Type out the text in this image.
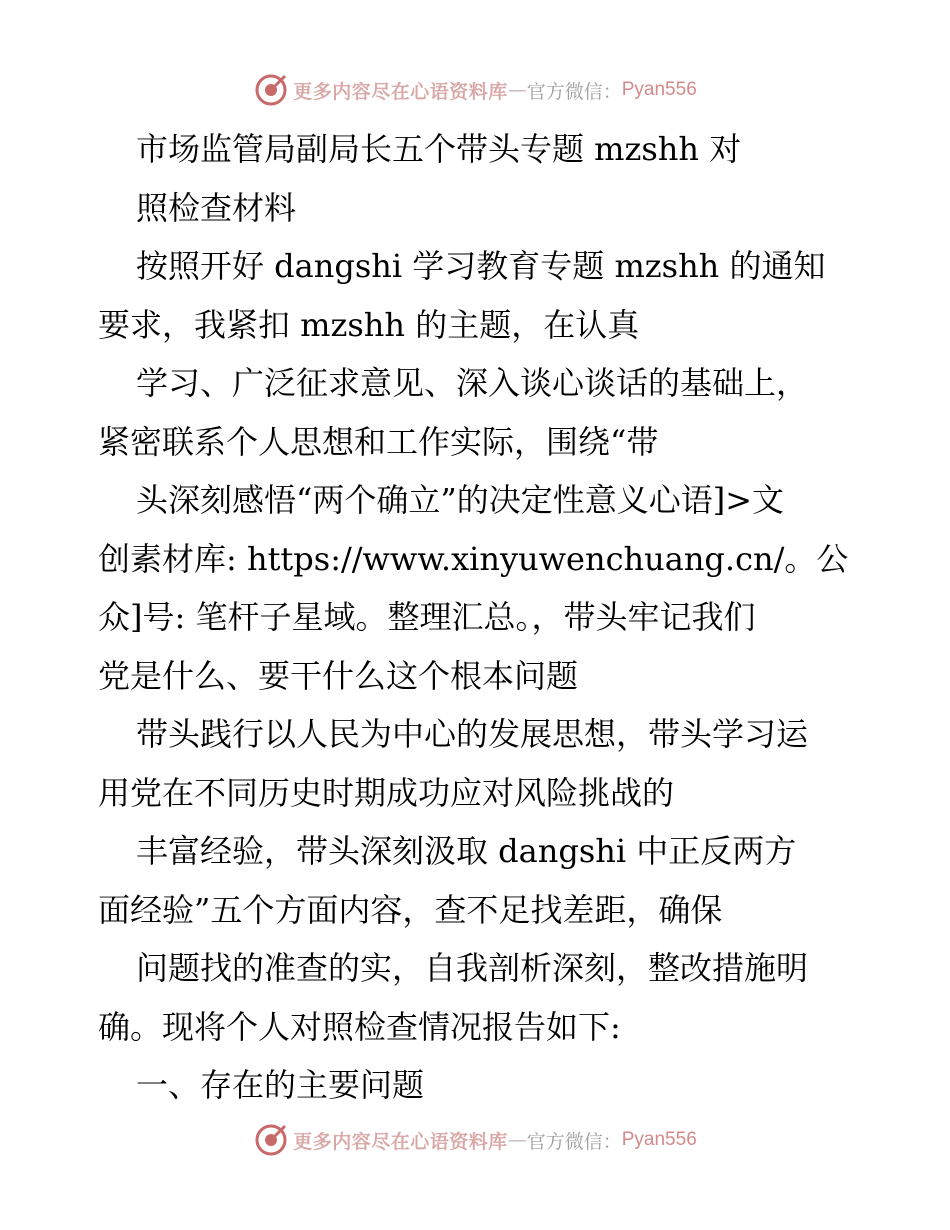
更多内容尽在心语资料库 — 官方微信： Pyan556

市场监管局副局长五个带头专题 mzshh 对

照检查材料

按照开好 dangshi 学习教育专题 mzshh 的通知

要求，我紧扣 mzshh 的主题，在认真

学习、广泛征求意见、深入谈心谈话的基础上，

紧密联系个人思想和工作实际，围绕“带

头深刻感悟“两个确立”的决定性意义心语]>文

创素材库: https://www.xinyuwenchuang.cn/。公

众]号: 笔杆子星域。整理汇总。，带头牢记我们

党是什么、要干什么这个根本问题

带头践行以人民为中心的发展思想，带头学习运

用党在不同历史时期成功应对风险挑战的

丰富经验，带头深刻汲取 dangshi 中正反两方

面经验”五个方面内容，查不足找差距，确保

问题找的准查的实，自我剖析深刻，整改措施明

确。现将个人对照检查情况报告如下:

一、存在的主要问题

更多内容尽在心语资料库 — 官方微信： Pyan556
